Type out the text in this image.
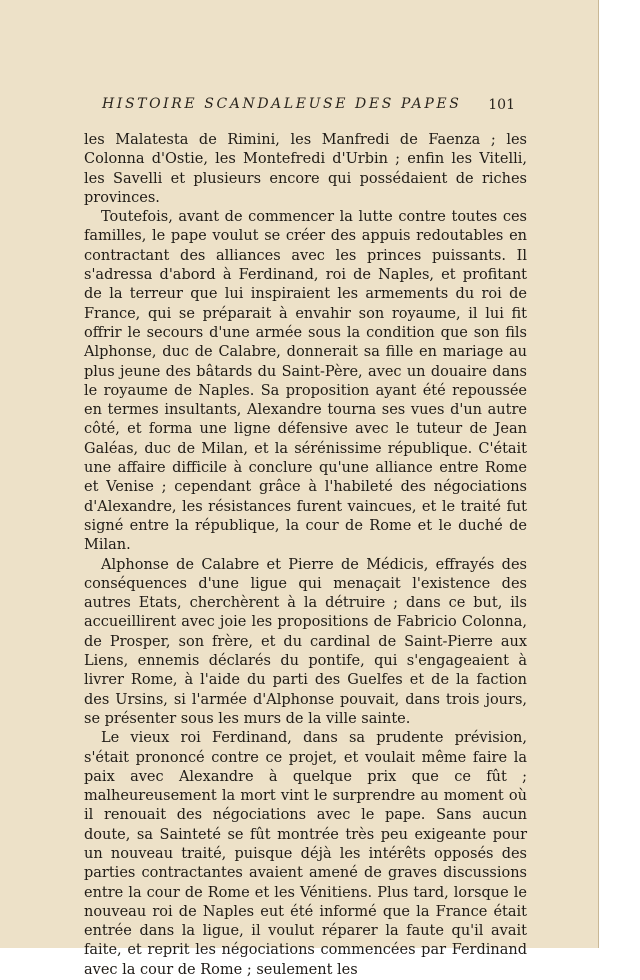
HISTOIRE SCANDALEUSE DES PAPES 101

les Malatesta de Rimini, les Manfredi de Faenza ; les Colonna d'Ostie, les Montefredi d'Urbin ; enfin les Vitelli, les Savelli et plusieurs encore qui possédaient de riches provinces.

Toutefois, avant de commencer la lutte contre toutes ces familles, le pape voulut se créer des appuis redoutables en contractant des alliances avec les princes puissants. Il s'adressa d'abord à Ferdinand, roi de Naples, et profitant de la terreur que lui inspiraient les armements du roi de France, qui se préparait à envahir son royaume, il lui fit offrir le secours d'une armée sous la condition que son fils Alphonse, duc de Calabre, donnerait sa fille en mariage au plus jeune des bâtards du Saint-Père, avec un douaire dans le royaume de Naples. Sa proposition ayant été repoussée en termes insultants, Alexandre tourna ses vues d'un autre côté, et forma une ligne défensive avec le tuteur de Jean Galéas, duc de Milan, et la sérénissime république. C'était une affaire difficile à conclure qu'une alliance entre Rome et Venise ; cependant grâce à l'habileté des négociations d'Alexandre, les résistances furent vaincues, et le traité fut signé entre la république, la cour de Rome et le duché de Milan.

Alphonse de Calabre et Pierre de Médicis, effrayés des conséquences d'une ligue qui menaçait l'existence des autres Etats, cherchèrent à la détruire ; dans ce but, ils accueillirent avec joie les propositions de Fabricio Colonna, de Prosper, son frère, et du cardinal de Saint-Pierre aux Liens, ennemis déclarés du pontife, qui s'engageaient à livrer Rome, à l'aide du parti des Guelfes et de la faction des Ursins, si l'armée d'Alphonse pouvait, dans trois jours, se présenter sous les murs de la ville sainte.

Le vieux roi Ferdinand, dans sa prudente prévision, s'était prononcé contre ce projet, et voulait même faire la paix avec Alexandre à quelque prix que ce fût ; malheureusement la mort vint le surprendre au moment où il renouait des négociations avec le pape. Sans aucun doute, sa Sainteté se fût montrée très peu exigeante pour un nouveau traité, puisque déjà les intérêts opposés des parties contractantes avaient amené de graves discussions entre la cour de Rome et les Vénitiens. Plus tard, lorsque le nouveau roi de Naples eut été informé que la France était entrée dans la ligue, il voulut réparer la faute qu'il avait faite, et reprit les négociations commencées par Ferdinand avec la cour de Rome ; seulement les
